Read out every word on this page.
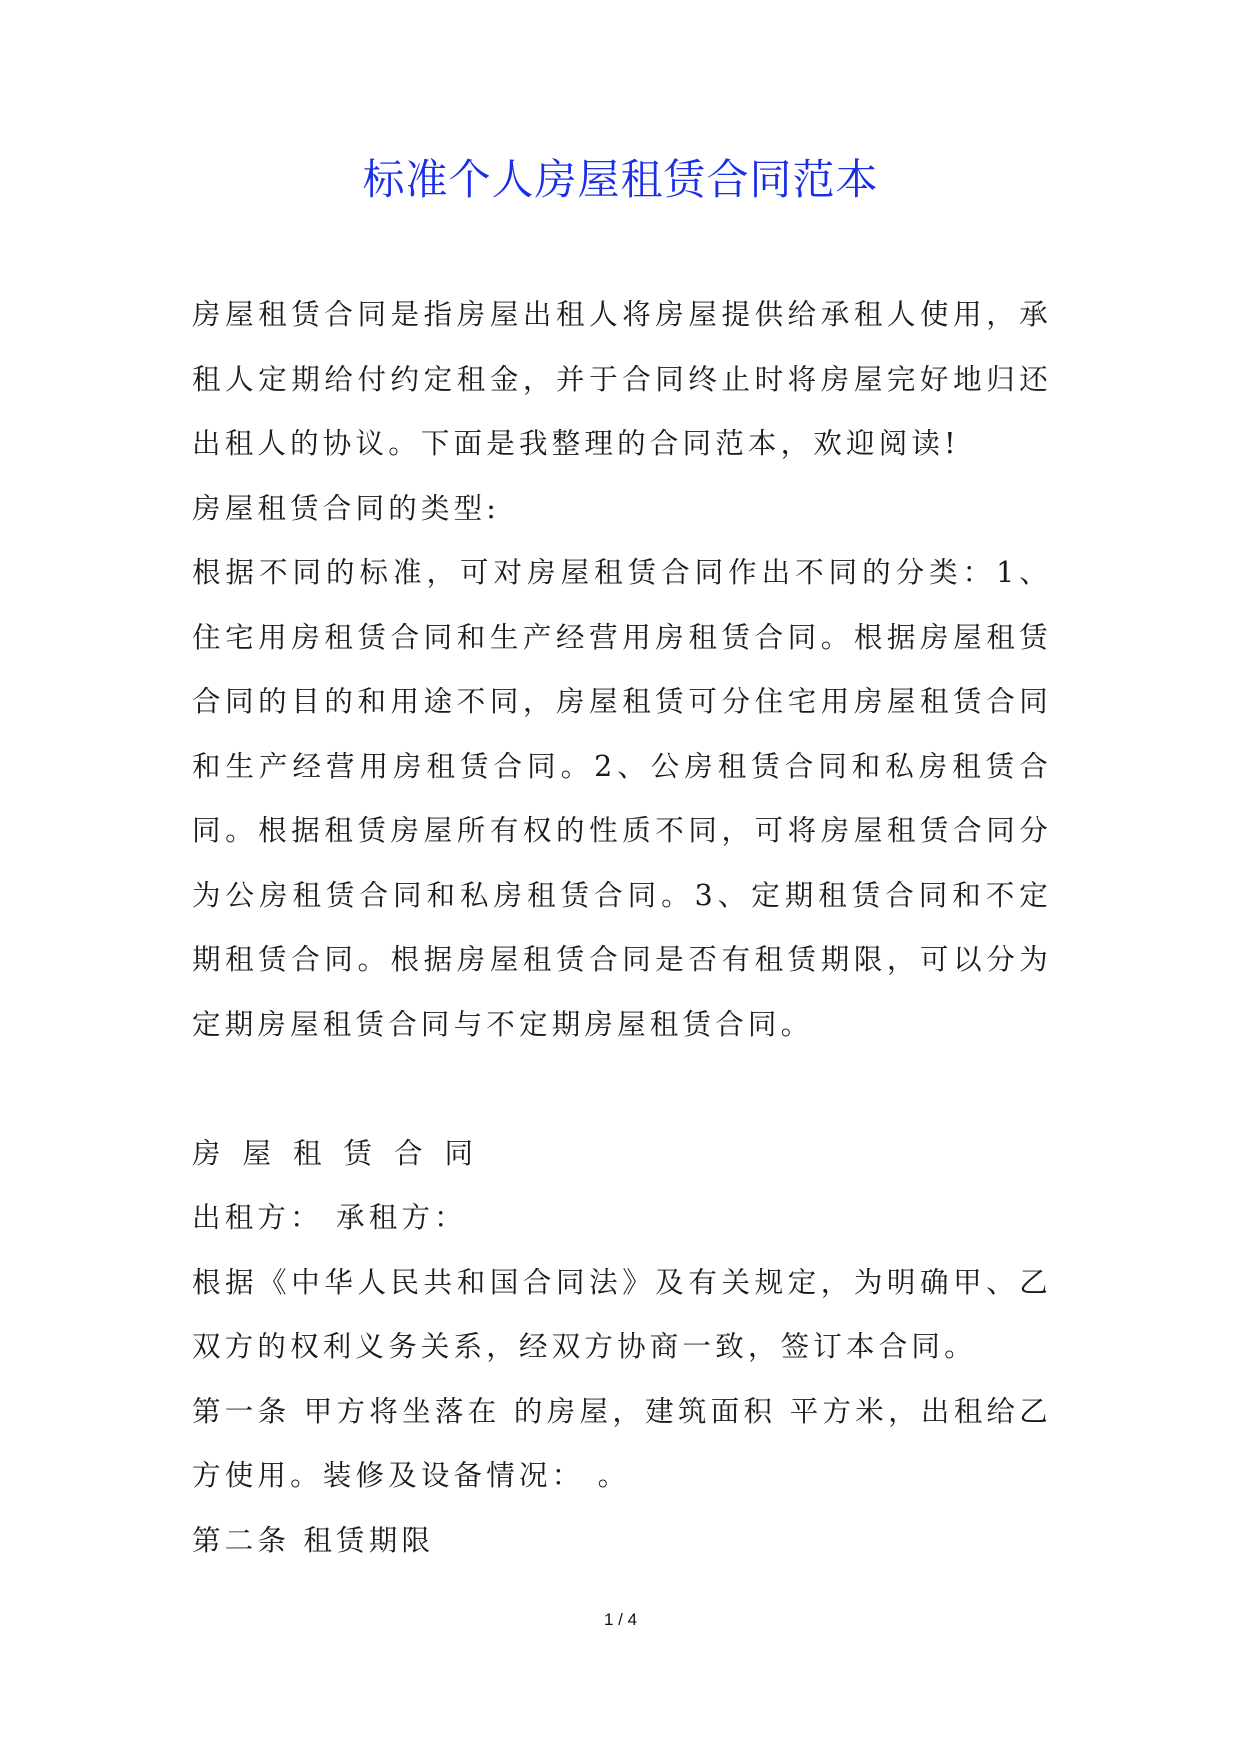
标准个人房屋租赁合同范本

房屋租赁合同是指房屋出租人将房屋提供给承租人使用，承租人定期给付约定租金，并于合同终止时将房屋完好地归还出租人的协议。下面是我整理的合同范本，欢迎阅读!

房屋租赁合同的类型:

根据不同的标准，可对房屋租赁合同作出不同的分类：1、住宅用房租赁合同和生产经营用房租赁合同。根据房屋租赁合同的目的和用途不同，房屋租赁可分住宅用房屋租赁合同和生产经营用房租赁合同。2、公房租赁合同和私房租赁合同。根据租赁房屋所有权的性质不同，可将房屋租赁合同分为公房租赁合同和私房租赁合同。3、定期租赁合同和不定期租赁合同。根据房屋租赁合同是否有租赁期限，可以分为定期房屋租赁合同与不定期房屋租赁合同。

房屋租赁合同

出租方： 承租方：

根据《中华人民共和国合同法》及有关规定，为明确甲、乙双方的权利义务关系，经双方协商一致，签订本合同。

第一条 甲方将坐落在 的房屋，建筑面积 平方米，出租给乙方使用。装修及设备情况： 。

第二条 租赁期限

1 / 4
